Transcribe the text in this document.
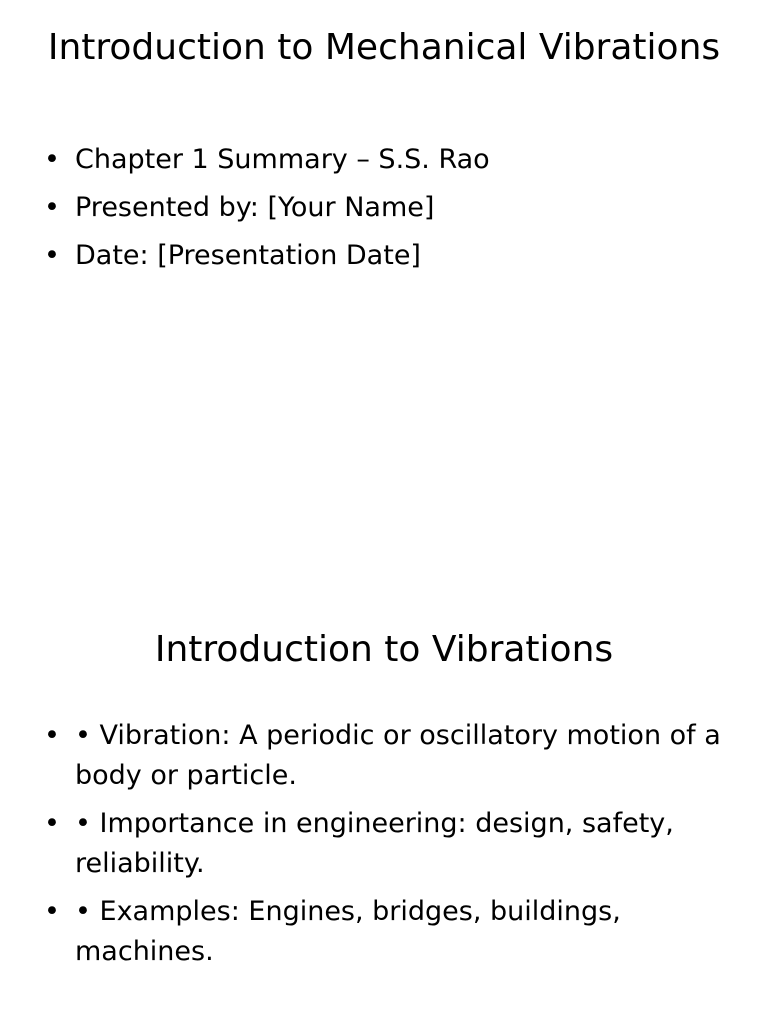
Introduction to Mechanical Vibrations
• Chapter 1 Summary – S.S. Rao
• Presented by: [Your Name]
• Date: [Presentation Date]
Introduction to Vibrations
• • Vibration: A periodic or oscillatory motion of a body or particle.
• • Importance in engineering: design, safety, reliability.
• • Examples: Engines, bridges, buildings, machines.
